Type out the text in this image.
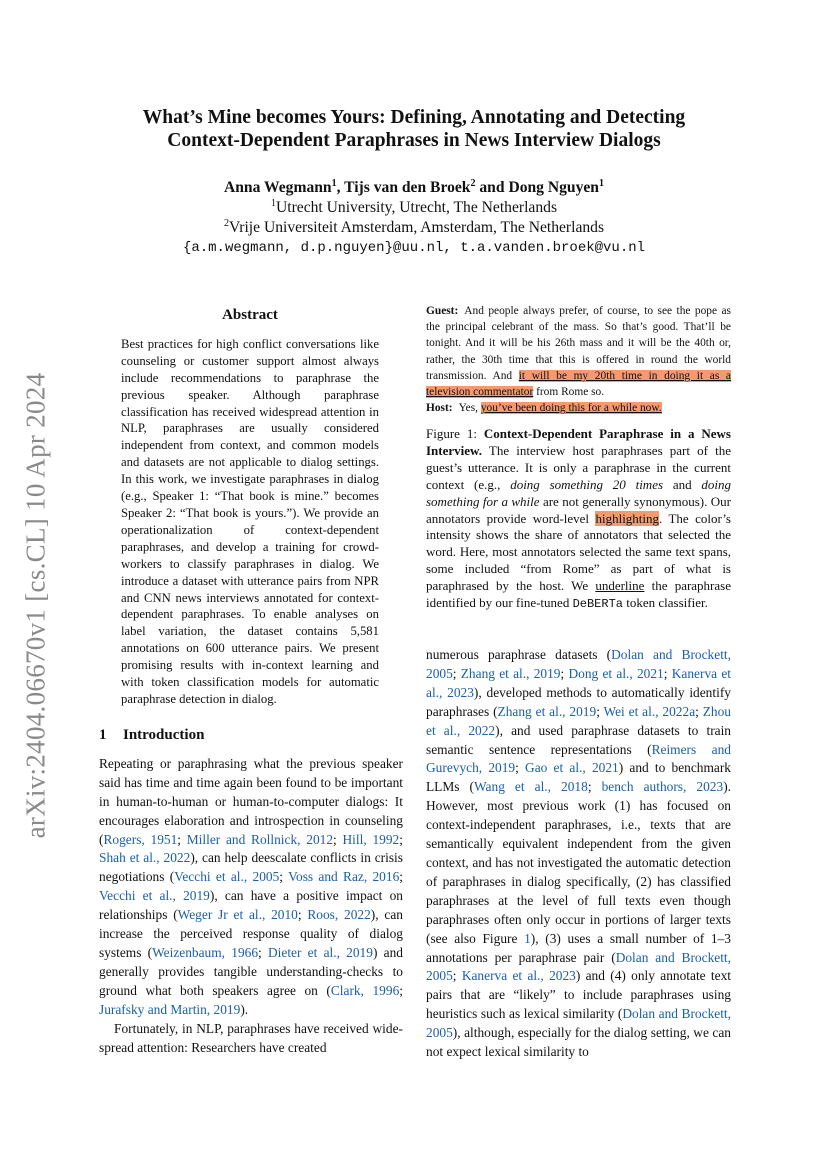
arXiv:2404.06670v1 [cs.CL] 10 Apr 2024
What’s Mine becomes Yours: Defining, Annotating and Detecting
Context-Dependent Paraphrases in News Interview Dialogs
Anna Wegmann$^1$, Tijs van den Broek$^2$ and Dong Nguyen$^1$
$^1$Utrecht University, Utrecht, The Netherlands
$^2$Vrije Universiteit Amsterdam, Amsterdam, The Netherlands
{a.m.wegmann, d.p.nguyen}@uu.nl, t.a.vanden.broek@vu.nl
Abstract

Best practices for high conflict conversations like counseling or customer support almost always include recommendations to paraphrase the previous speaker. Although paraphrase classification has received widespread attention in NLP, paraphrases are usually considered independent from context, and common models and datasets are not applicable to dialog settings. In this work, we investigate paraphrases in dialog (e.g., Speaker 1: “That book is mine.” becomes Speaker 2: “That book is yours.”). We provide an operationalization of context-dependent paraphrases, and develop a training for crowd-workers to classify paraphrases in dialog. We introduce a dataset with utterance pairs from NPR and CNN news interviews annotated for context-dependent paraphrases. To enable analyses on label variation, the dataset contains 5,581 annotations on 600 utterance pairs. We present promising results with in-context learning and with token classification models for automatic paraphrase detection in dialog.

Guest: And people always prefer, of course, to see the pope as the principal celebrant of the mass. So that’s good. That’ll be tonight. And it will be his 26th mass and it will be the 40th or, rather, the 30th time that this is offered in round the world transmission. And it will be my 20th time in doing it as a television commentator from Rome so.

Host: Yes, you’ve been doing this for a while now.

Figure 1: Context-Dependent Paraphrase in a News Interview. The interview host paraphrases part of the guest’s utterance. It is only a paraphrase in the current context (e.g., doing something 20 times and doing something for a while are not generally synonymous). Our annotators provide word-level highlighting. The color’s intensity shows the share of annotators that selected the word. Here, most annotators selected the same text spans, some included “from Rome” as part of what is paraphrased by the host. We underline the paraphrase identified by our fine-tuned DeBERTa token classifier.

1 Introduction

Repeating or paraphrasing what the previous speaker said has time and time again been found to be important in human-to-human or human-to-computer dialogs: It encourages elaboration and introspection in counseling (Rogers, 1951; Miller and Rollnick, 2012; Hill, 1992; Shah et al., 2022), can help deescalate conflicts in crisis negotiations (Vecchi et al., 2005; Voss and Raz, 2016; Vecchi et al., 2019), can have a positive impact on relationships (Weger Jr et al., 2010; Roos, 2022), can increase the perceived response quality of dialog systems (Weizenbaum, 1966; Dieter et al., 2019) and generally provides tangible understanding-checks to ground what both speakers agree on (Clark, 1996; Jurafsky and Martin, 2019).

Fortunately, in NLP, paraphrases have received wide-spread attention: Researchers have created

numerous paraphrase datasets (Dolan and Brockett, 2005; Zhang et al., 2019; Dong et al., 2021; Kanerva et al., 2023), developed methods to automatically identify paraphrases (Zhang et al., 2019; Wei et al., 2022a; Zhou et al., 2022), and used paraphrase datasets to train semantic sentence representations (Reimers and Gurevych, 2019; Gao et al., 2021) and to benchmark LLMs (Wang et al., 2018; bench authors, 2023). However, most previous work (1) has focused on context-independent paraphrases, i.e., texts that are semantically equivalent independent from the given context, and has not investigated the automatic detection of paraphrases in dialog specifically, (2) has classified paraphrases at the level of full texts even though paraphrases often only occur in portions of larger texts (see also Figure 1), (3) uses a small number of 1–3 annotations per paraphrase pair (Dolan and Brockett, 2005; Kanerva et al., 2023) and (4) only annotate text pairs that are “likely” to include paraphrases using heuristics such as lexical similarity (Dolan and Brockett, 2005), although, especially for the dialog setting, we can not expect lexical similarity to
